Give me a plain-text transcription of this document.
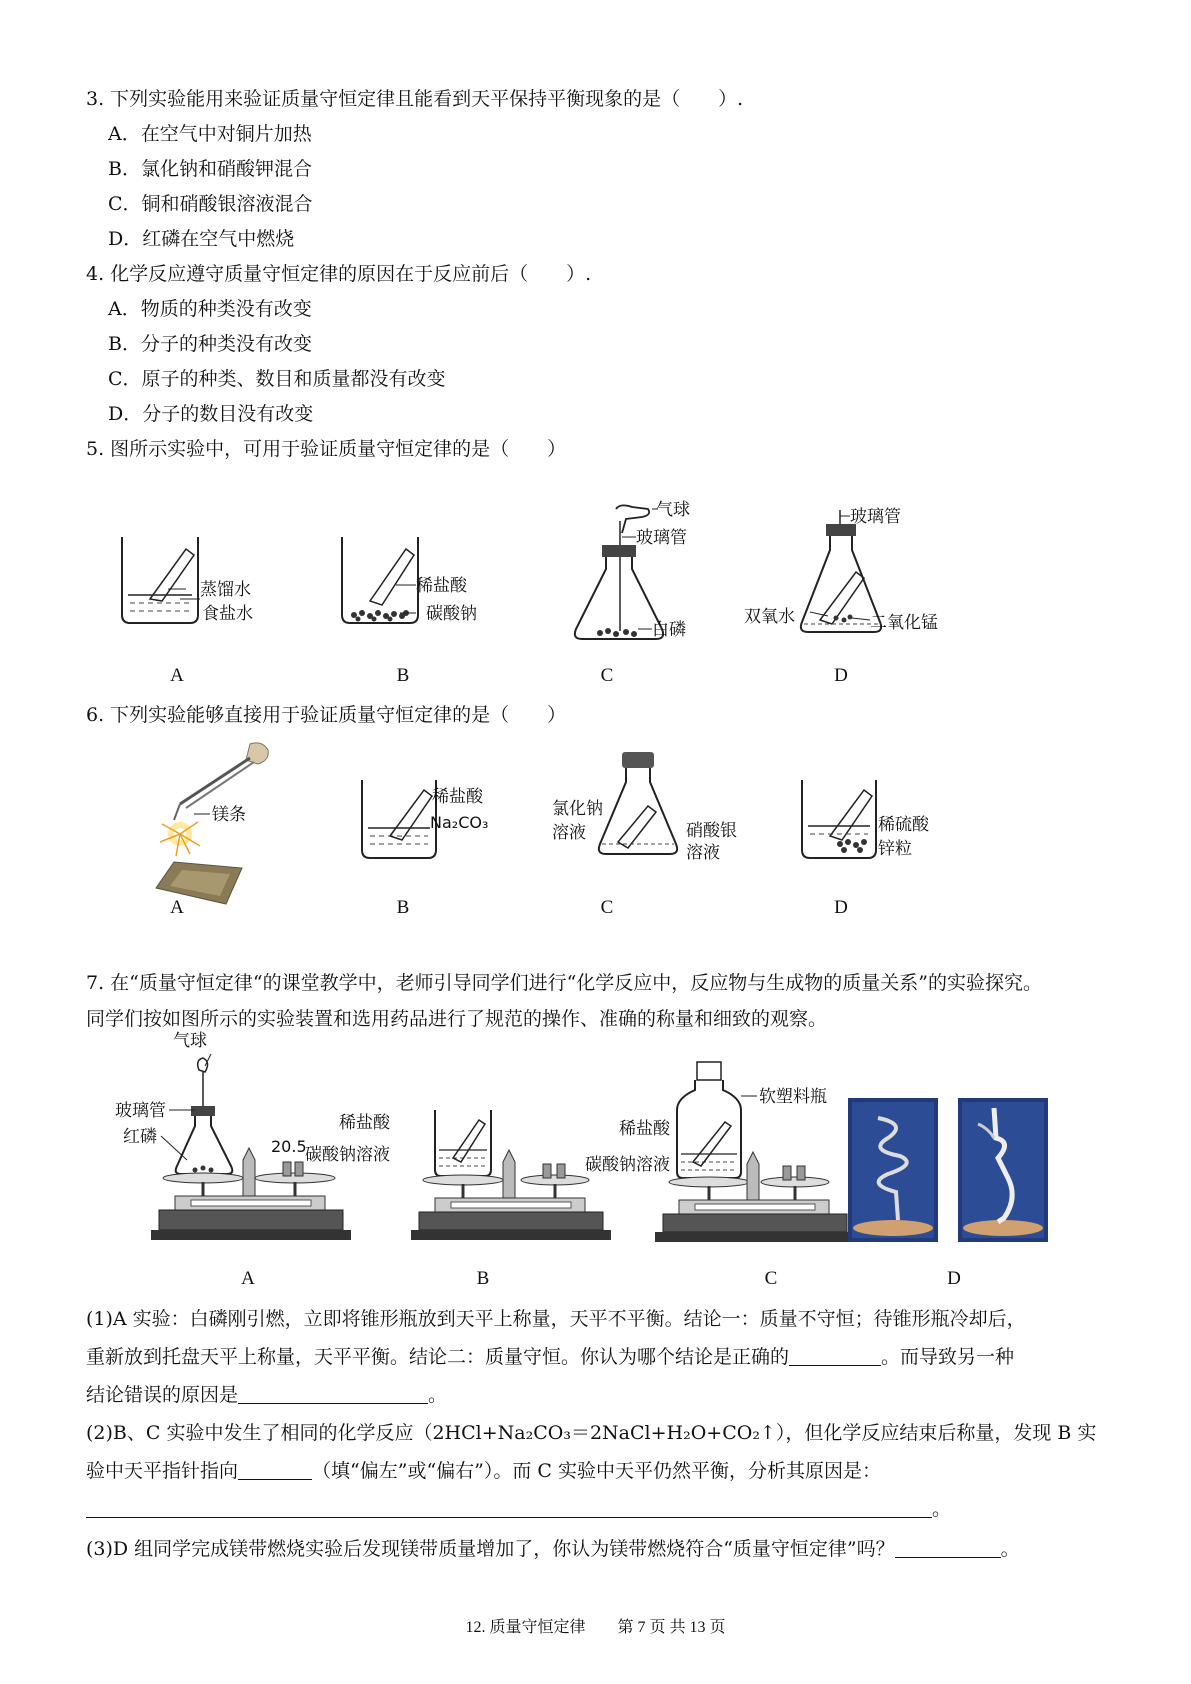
3. 下列实验能用来验证质量守恒定律且能看到天平保持平衡现象的是（　　）.
A．在空气中对铜片加热
B．氯化钠和硝酸钾混合
C．铜和硝酸银溶液混合
D．红磷在空气中燃烧
4. 化学反应遵守质量守恒定律的原因在于反应前后（　　）.
A．物质的种类没有改变
B．分子的种类没有改变
C．原子的种类、数目和质量都没有改变
D．分子的数目没有改变
5. 图所示实验中，可用于验证质量守恒定律的是（　　）
蒸馏水
食盐水
稀盐酸
碳酸钠
气球
玻璃管
白磷
玻璃管
双氧水	二氧化锰
A	B	C	D
6. 下列实验能够直接用于验证质量守恒定律的是（　　）
镁条
稀盐酸
Na₂CO₃
氯化钠
溶液	硝酸银
溶液
稀硫酸
锌粒
A	B	C	D
7. 在“质量守恒定律“的课堂教学中，老师引导同学们进行“化学反应中，反应物与生成物的质量关系”的实验探究。
同学们按如图所示的实验装置和选用药品进行了规范的操作、准确的称量和细致的观察。
气球
玻璃管
红磷	20.5
稀盐酸
碳酸钠溶液
软塑料瓶
稀盐酸
碳酸钠溶液
A	B	C	D
(1)A 实验：白磷刚引燃，立即将锥形瓶放到天平上称量，天平不平衡。结论一：质量不守恒；待锥形瓶冷却后，
重新放到托盘天平上称量，天平平衡。结论二：质量守恒。你认为哪个结论是正确的	。而导致另一种
结论错误的原因是	。
(2)B、C 实验中发生了相同的化学反应（2HCl+Na₂CO₃＝2NaCl+H₂O+CO₂↑），但化学反应结束后称量，发现 B 实
验中天平指针指向	（填“偏左”或“偏右”）。而 C 实验中天平仍然平衡，分析其原因是：
。
(3)D 组同学完成镁带燃烧实验后发现镁带质量增加了，你认为镁带燃烧符合“质量守恒定律”吗？	。
12. 质量守恒定律　　第 7 页 共 13 页
